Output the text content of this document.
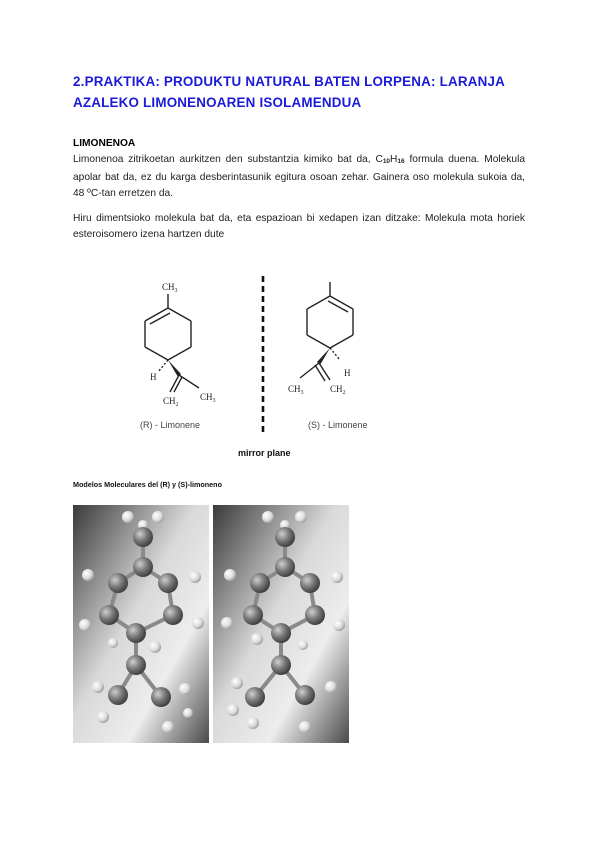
2.PRAKTIKA: PRODUKTU NATURAL BATEN LORPENA: LARANJA AZALEKO LIMONENOAREN ISOLAMENDUA
LIMONENOA
Limonenoa zitrikoetan aurkitzen den substantzia kimiko bat da, $C_{10}H_{16}$ formula duena. Molekula apolar bat da, ez du karga desberintasunik egitura osoan zehar. Gainera oso molekula sukoia da, 48 ºC-tan erretzen da.
Hiru dimentsioko molekula bat da, eta espazioan bi xedapen izan ditzake: Molekula mota horiek esteroisomero izena hartzen dute
$CH_3$
H
$CH_2$
$CH_3$
H
$CH_3$	$CH_2$
(R) - Limonene	(S) - Limonene
mirror plane
Modelos Moleculares del (R) y (S)-limoneno
